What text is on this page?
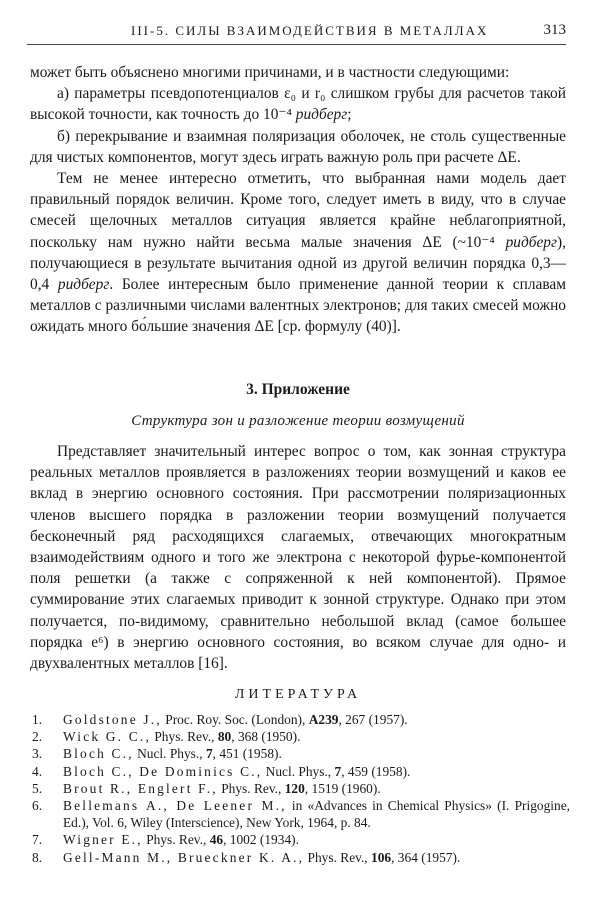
III-5. СИЛЫ ВЗАИМОДЕЙСТВИЯ В МЕТАЛЛАХ	313

может быть объяснено многими причинами, и в частности следующими:

а) параметры псевдопотенциалов ε₀ и r₀ слишком грубы для расчетов такой высокой точности, как точность до 10⁻⁴ ридберг;

б) перекрывание и взаимная поляризация оболочек, не столь существенные для чистых компонентов, могут здесь играть важную роль при расчете ΔE.

Тем не менее интересно отметить, что выбранная нами модель дает правильный порядок величин. Кроме того, следует иметь в виду, что в случае смесей щелочных металлов ситуация является крайне неблагоприятной, поскольку нам нужно найти весьма малые значения ΔE (~10⁻⁴ ридберг), получающиеся в результате вычитания одной из другой величин порядка 0,3—0,4 ридберг. Более интересным было применение данной теории к сплавам металлов с различными числами валентных электронов; для таких смесей можно ожидать много бо́льшие значения ΔE [ср. формулу (40)].

3. Приложение
Структура зон и разложение теории возмущений

Представляет значительный интерес вопрос о том, как зонная структура реальных металлов проявляется в разложениях теории возмущений и каков ее вклад в энергию основного состояния. При рассмотрении поляризационных членов высшего порядка в разложении теории возмущений получается бесконечный ряд расходящихся слагаемых, отвечающих многократным взаимодействиям одного и того же электрона с некоторой фурье-компонентой поля решетки (а также с сопряженной к ней компонентой). Прямое суммирование этих слагаемых приводит к зонной структуре. Однако при этом получается, по-видимому, сравнительно небольшой вклад (самое большее порядка e⁶) в энергию основного состояния, во всяком случае для одно- и двухвалентных металлов [16].

ЛИТЕРАТУРА

1. Goldstone J., Proc. Roy. Soc. (London), A239, 267 (1957).

2. Wick G. C., Phys. Rev., 80, 368 (1950).

3. Bloch C., Nucl. Phys., 7, 451 (1958).

4. Bloch C., De Dominics C., Nucl. Phys., 7, 459 (1958).

5. Brout R., Englert F., Phys. Rev., 120, 1519 (1960).

6. Bellemans A., De Leener M., in «Advances in Chemical Physics» (I. Prigogine, Ed.), Vol. 6, Wiley (Interscience), New York, 1964, p. 84.

7. Wigner E., Phys. Rev., 46, 1002 (1934).

8. Gell-Mann M., Brueckner K. A., Phys. Rev., 106, 364 (1957).
